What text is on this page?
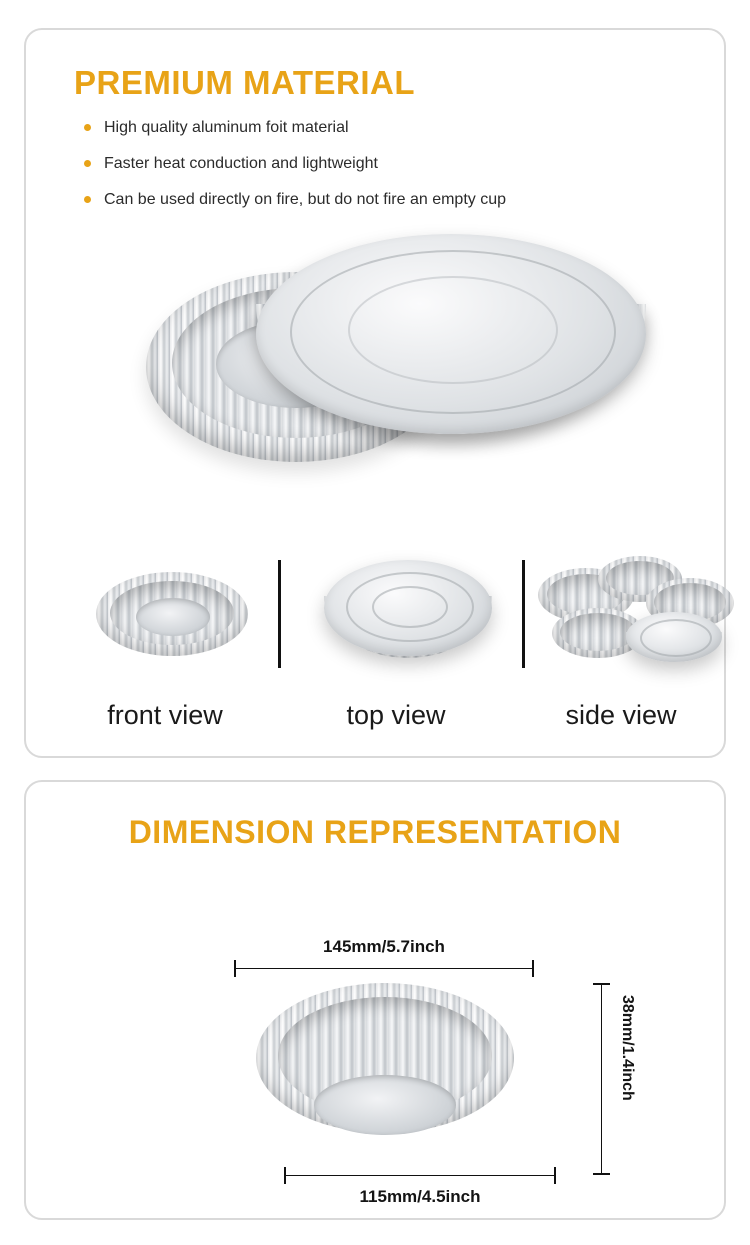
PREMIUM MATERIAL
High quality aluminum foit material
Faster heat conduction and lightweight
Can be used directly on fire, but do not fire an empty cup
front view	top view	side view
DIMENSION REPRESENTATION
145mm/5.7inch
38mm/1.4inch
115mm/4.5inch
